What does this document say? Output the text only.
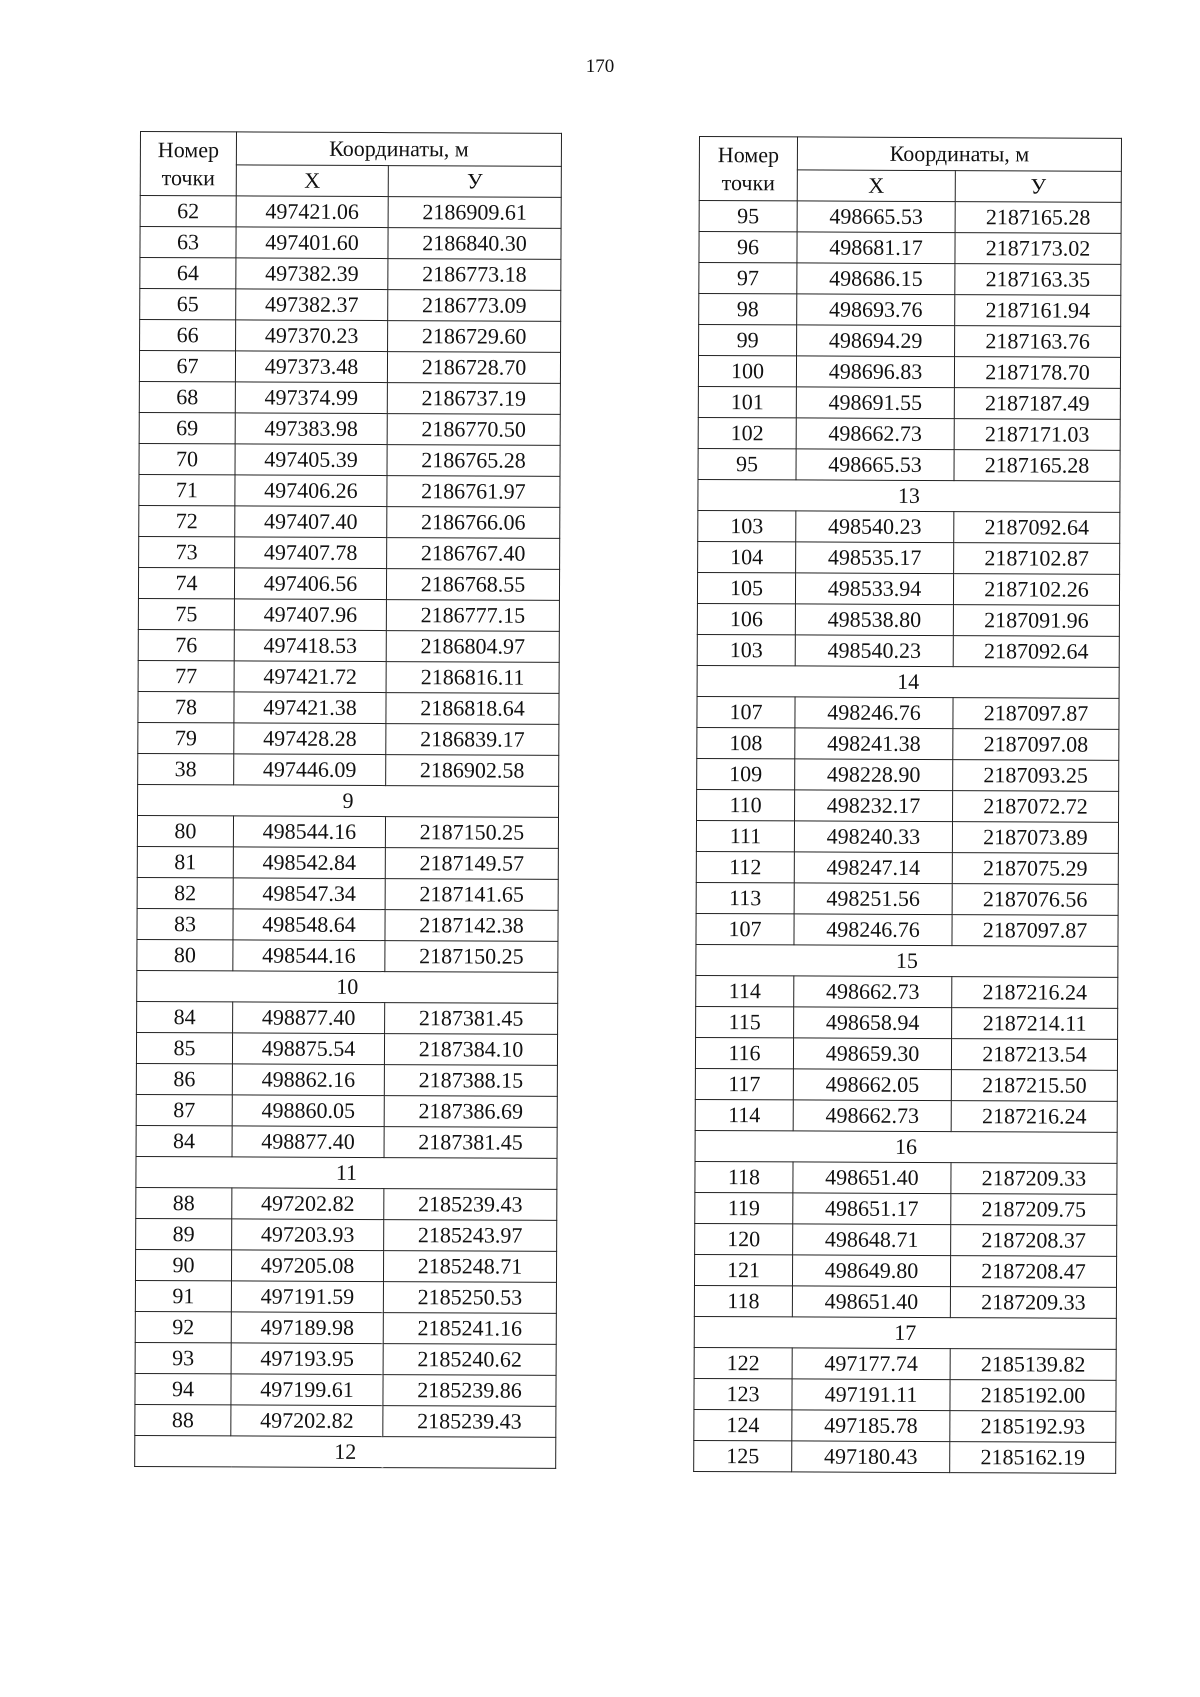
170
Номер
точки	Координаты, м	
	X	У
62	497421.06	2186909.61
63	497401.60	2186840.30
64	497382.39	2186773.18
65	497382.37	2186773.09
66	497370.23	2186729.60
67	497373.48	2186728.70
68	497374.99	2186737.19
69	497383.98	2186770.50
70	497405.39	2186765.28
71	497406.26	2186761.97
72	497407.40	2186766.06
73	497407.78	2186767.40
74	497406.56	2186768.55
75	497407.96	2186777.15
76	497418.53	2186804.97
77	497421.72	2186816.11
78	497421.38	2186818.64
79	497428.28	2186839.17
38	497446.09	2186902.58
9		
80	498544.16	2187150.25
81	498542.84	2187149.57
82	498547.34	2187141.65
83	498548.64	2187142.38
80	498544.16	2187150.25
10		
84	498877.40	2187381.45
85	498875.54	2187384.10
86	498862.16	2187388.15
87	498860.05	2187386.69
84	498877.40	2187381.45
11		
88	497202.82	2185239.43
89	497203.93	2185243.97
90	497205.08	2185248.71
91	497191.59	2185250.53
92	497189.98	2185241.16
93	497193.95	2185240.62
94	497199.61	2185239.86
88	497202.82	2185239.43
12		
Номер
точки	Координаты, м	
	X	У
95	498665.53	2187165.28
96	498681.17	2187173.02
97	498686.15	2187163.35
98	498693.76	2187161.94
99	498694.29	2187163.76
100	498696.83	2187178.70
101	498691.55	2187187.49
102	498662.73	2187171.03
95	498665.53	2187165.28
13		
103	498540.23	2187092.64
104	498535.17	2187102.87
105	498533.94	2187102.26
106	498538.80	2187091.96
103	498540.23	2187092.64
14		
107	498246.76	2187097.87
108	498241.38	2187097.08
109	498228.90	2187093.25
110	498232.17	2187072.72
111	498240.33	2187073.89
112	498247.14	2187075.29
113	498251.56	2187076.56
107	498246.76	2187097.87
15		
114	498662.73	2187216.24
115	498658.94	2187214.11
116	498659.30	2187213.54
117	498662.05	2187215.50
114	498662.73	2187216.24
16		
118	498651.40	2187209.33
119	498651.17	2187209.75
120	498648.71	2187208.37
121	498649.80	2187208.47
118	498651.40	2187209.33
17		
122	497177.74	2185139.82
123	497191.11	2185192.00
124	497185.78	2185192.93
125	497180.43	2185162.19
